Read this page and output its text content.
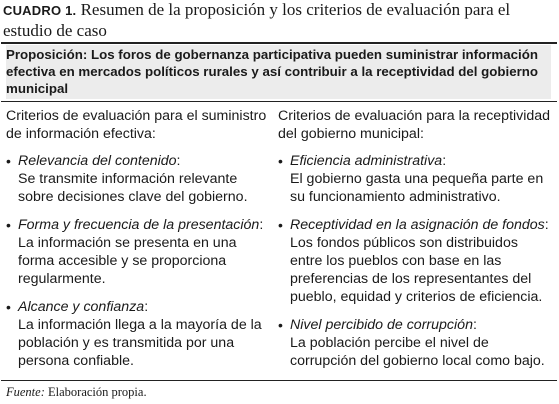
CUADRO 1. Resumen de la proposición y los criterios de evaluación para el estudio de caso
Proposición: Los foros de gobernanza participativa pueden suministrar información efectiva en mercados políticos rurales y así contribuir a la receptividad del gobierno municipal
Criterios de evaluación para el suministro de información efectiva:
• Relevancia del contenido:
Se transmite información relevante sobre decisiones clave del gobierno.
• Forma y frecuencia de la presentación:
La información se presenta en una forma accesible y se proporciona regularmente.
• Alcance y confianza:
La información llega a la mayoría de la población y es transmitida por una persona confiable.
Criterios de evaluación para la receptividad del gobierno municipal:
• Eficiencia administrativa:
El gobierno gasta una pequeña parte en su funcionamiento administrativo.
• Receptividad en la asignación de fondos:
Los fondos públicos son distribuidos entre los pueblos con base en las preferencias de los representantes del pueblo, equidad y criterios de eficiencia.
• Nivel percibido de corrupción:
La población percibe el nivel de corrupción del gobierno local como bajo.
Fuente: Elaboración propia.
